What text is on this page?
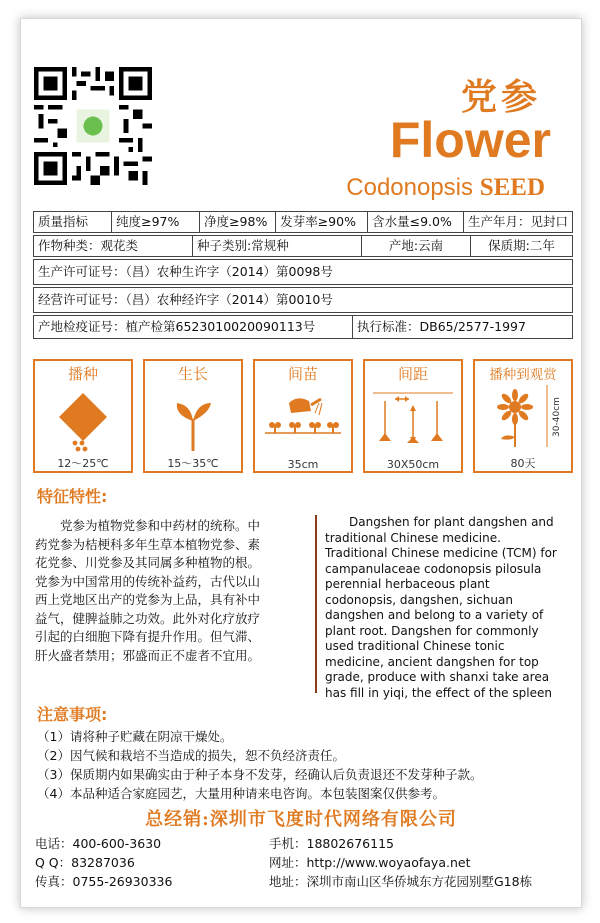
党参
Flower
Codonopsis SEED
质量指标	纯度≥97%	净度≥98%	发芽率≥90%	含水量≤9.0%	生产年月：见封口
作物种类：观花类	种子类别:常规种	产地:云南	保质期:二年
生产许可证号：（昌）农种生许字（2014）第0098号
经营许可证号：（昌）农种经许字（2014）第0010号
产地检疫证号：植产检第6523010020090113号	执行标准：DB65/2577-1997
播种
12～25℃
生长
15～35℃
间苗
35cm
间距
30X50cm
播种到观赏
30-40cm
80天
特征特性:
党参为植物党参和中药材的统称。中
药党参为桔梗科多年生草本植物党参、素
花党参、川党参及其同属多种植物的根。
党参为中国常用的传统补益药，古代以山
西上党地区出产的党参为上品，具有补中
益气，健脾益肺之功效。此外对化疗放疗
引起的白细胞下降有提升作用。但气滞、
肝火盛者禁用；邪盛而正不虚者不宜用。
Dangshen for plant dangshen and
traditional Chinese medicine.
Traditional Chinese medicine (TCM) for
campanulaceae codonopsis pilosula
perennial herbaceous plant
codonopsis, dangshen, sichuan
dangshen and belong to a variety of
plant root. Dangshen for commonly
used traditional Chinese tonic
medicine, ancient dangshen for top
grade, produce with shanxi take area
has fill in yiqi, the effect of the spleen
注意事项:
（1）请将种子贮藏在阴凉干燥处。
（2）因气候和栽培不当造成的损失，恕不负经济责任。
（3）保质期内如果确实由于种子本身不发芽，经确认后负责退还不发芽种子款。
（4）本品种适合家庭园艺，大量用种请来电咨询。本包装图案仅供参考。
总经销:深圳市飞度时代网络有限公司
电话：400-600-3630
Q Q：83287036
传真：0755-26930336
手机：18802676115
网址：http://www.woyaofaya.net
地址：深圳市南山区华侨城东方花园别墅G18栋
